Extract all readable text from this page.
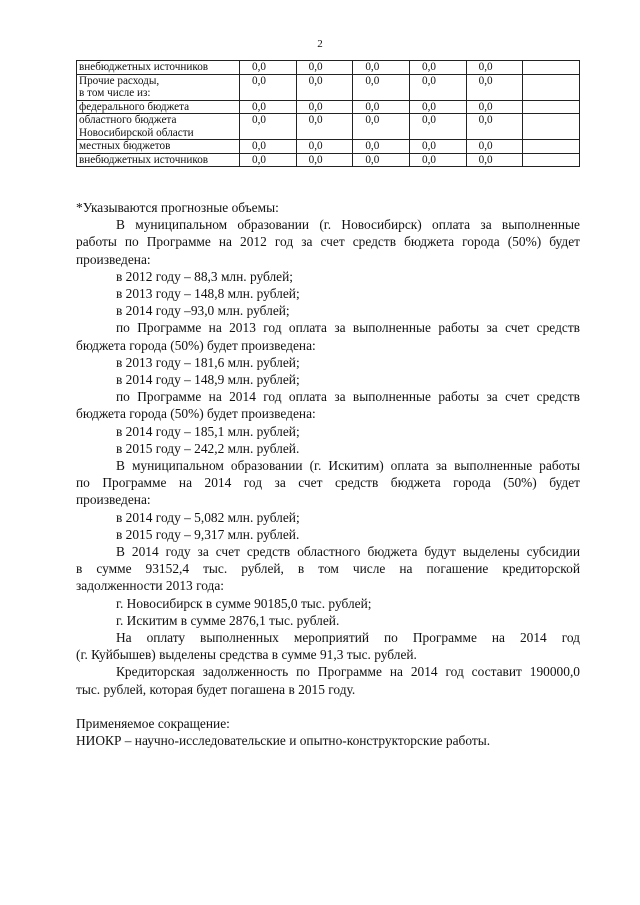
2
внебюджетных источников	0,0	0,0	0,0	0,0	0,0	

Прочие расходы,
в том числе из:	0,0	0,0	0,0	0,0	0,0	

федерального бюджета	0,0	0,0	0,0	0,0	0,0	

областного бюджета
Новосибирской области	0,0	0,0	0,0	0,0	0,0	

местных бюджетов	0,0	0,0	0,0	0,0	0,0	

внебюджетных источников	0,0	0,0	0,0	0,0	0,0	
*Указываются прогнозные объемы:
В муниципальном образовании (г. Новосибирск) оплата за выполненные
работы по Программе на 2012 год за счет средств бюджета города (50%) будет
произведена:
в 2012 году – 88,3 млн. рублей;
в 2013 году – 148,8 млн. рублей;
в 2014 году –93,0 млн. рублей;
по Программе на 2013 год оплата за выполненные работы за счет средств
бюджета города (50%) будет произведена:
в 2013 году – 181,6 млн. рублей;
в 2014 году – 148,9 млн. рублей;
по Программе на 2014 год оплата за выполненные работы за счет средств
бюджета города (50%) будет произведена:
в 2014 году – 185,1 млн. рублей;
в 2015 году – 242,2 млн. рублей.
В муниципальном образовании (г. Искитим) оплата за выполненные работы
по Программе на 2014 год за счет средств бюджета города (50%) будет
произведена:
в 2014 году – 5,082 млн. рублей;
в 2015 году – 9,317 млн. рублей.
В 2014 году за счет средств областного бюджета будут выделены субсидии
в сумме 93152,4 тыс. рублей, в том числе на погашение кредиторской
задолженности 2013 года:
г. Новосибирск в сумме 90185,0 тыс. рублей;
г. Искитим в сумме 2876,1 тыс. рублей.
На оплату выполненных мероприятий по Программе на 2014 год
(г. Куйбышев) выделены средства в сумме 91,3 тыс. рублей.
Кредиторская задолженность по Программе на 2014 год составит 190000,0
тыс. рублей, которая будет погашена в 2015 году.
Применяемое сокращение:
НИОКР – научно-исследовательские и опытно-конструкторские работы.
